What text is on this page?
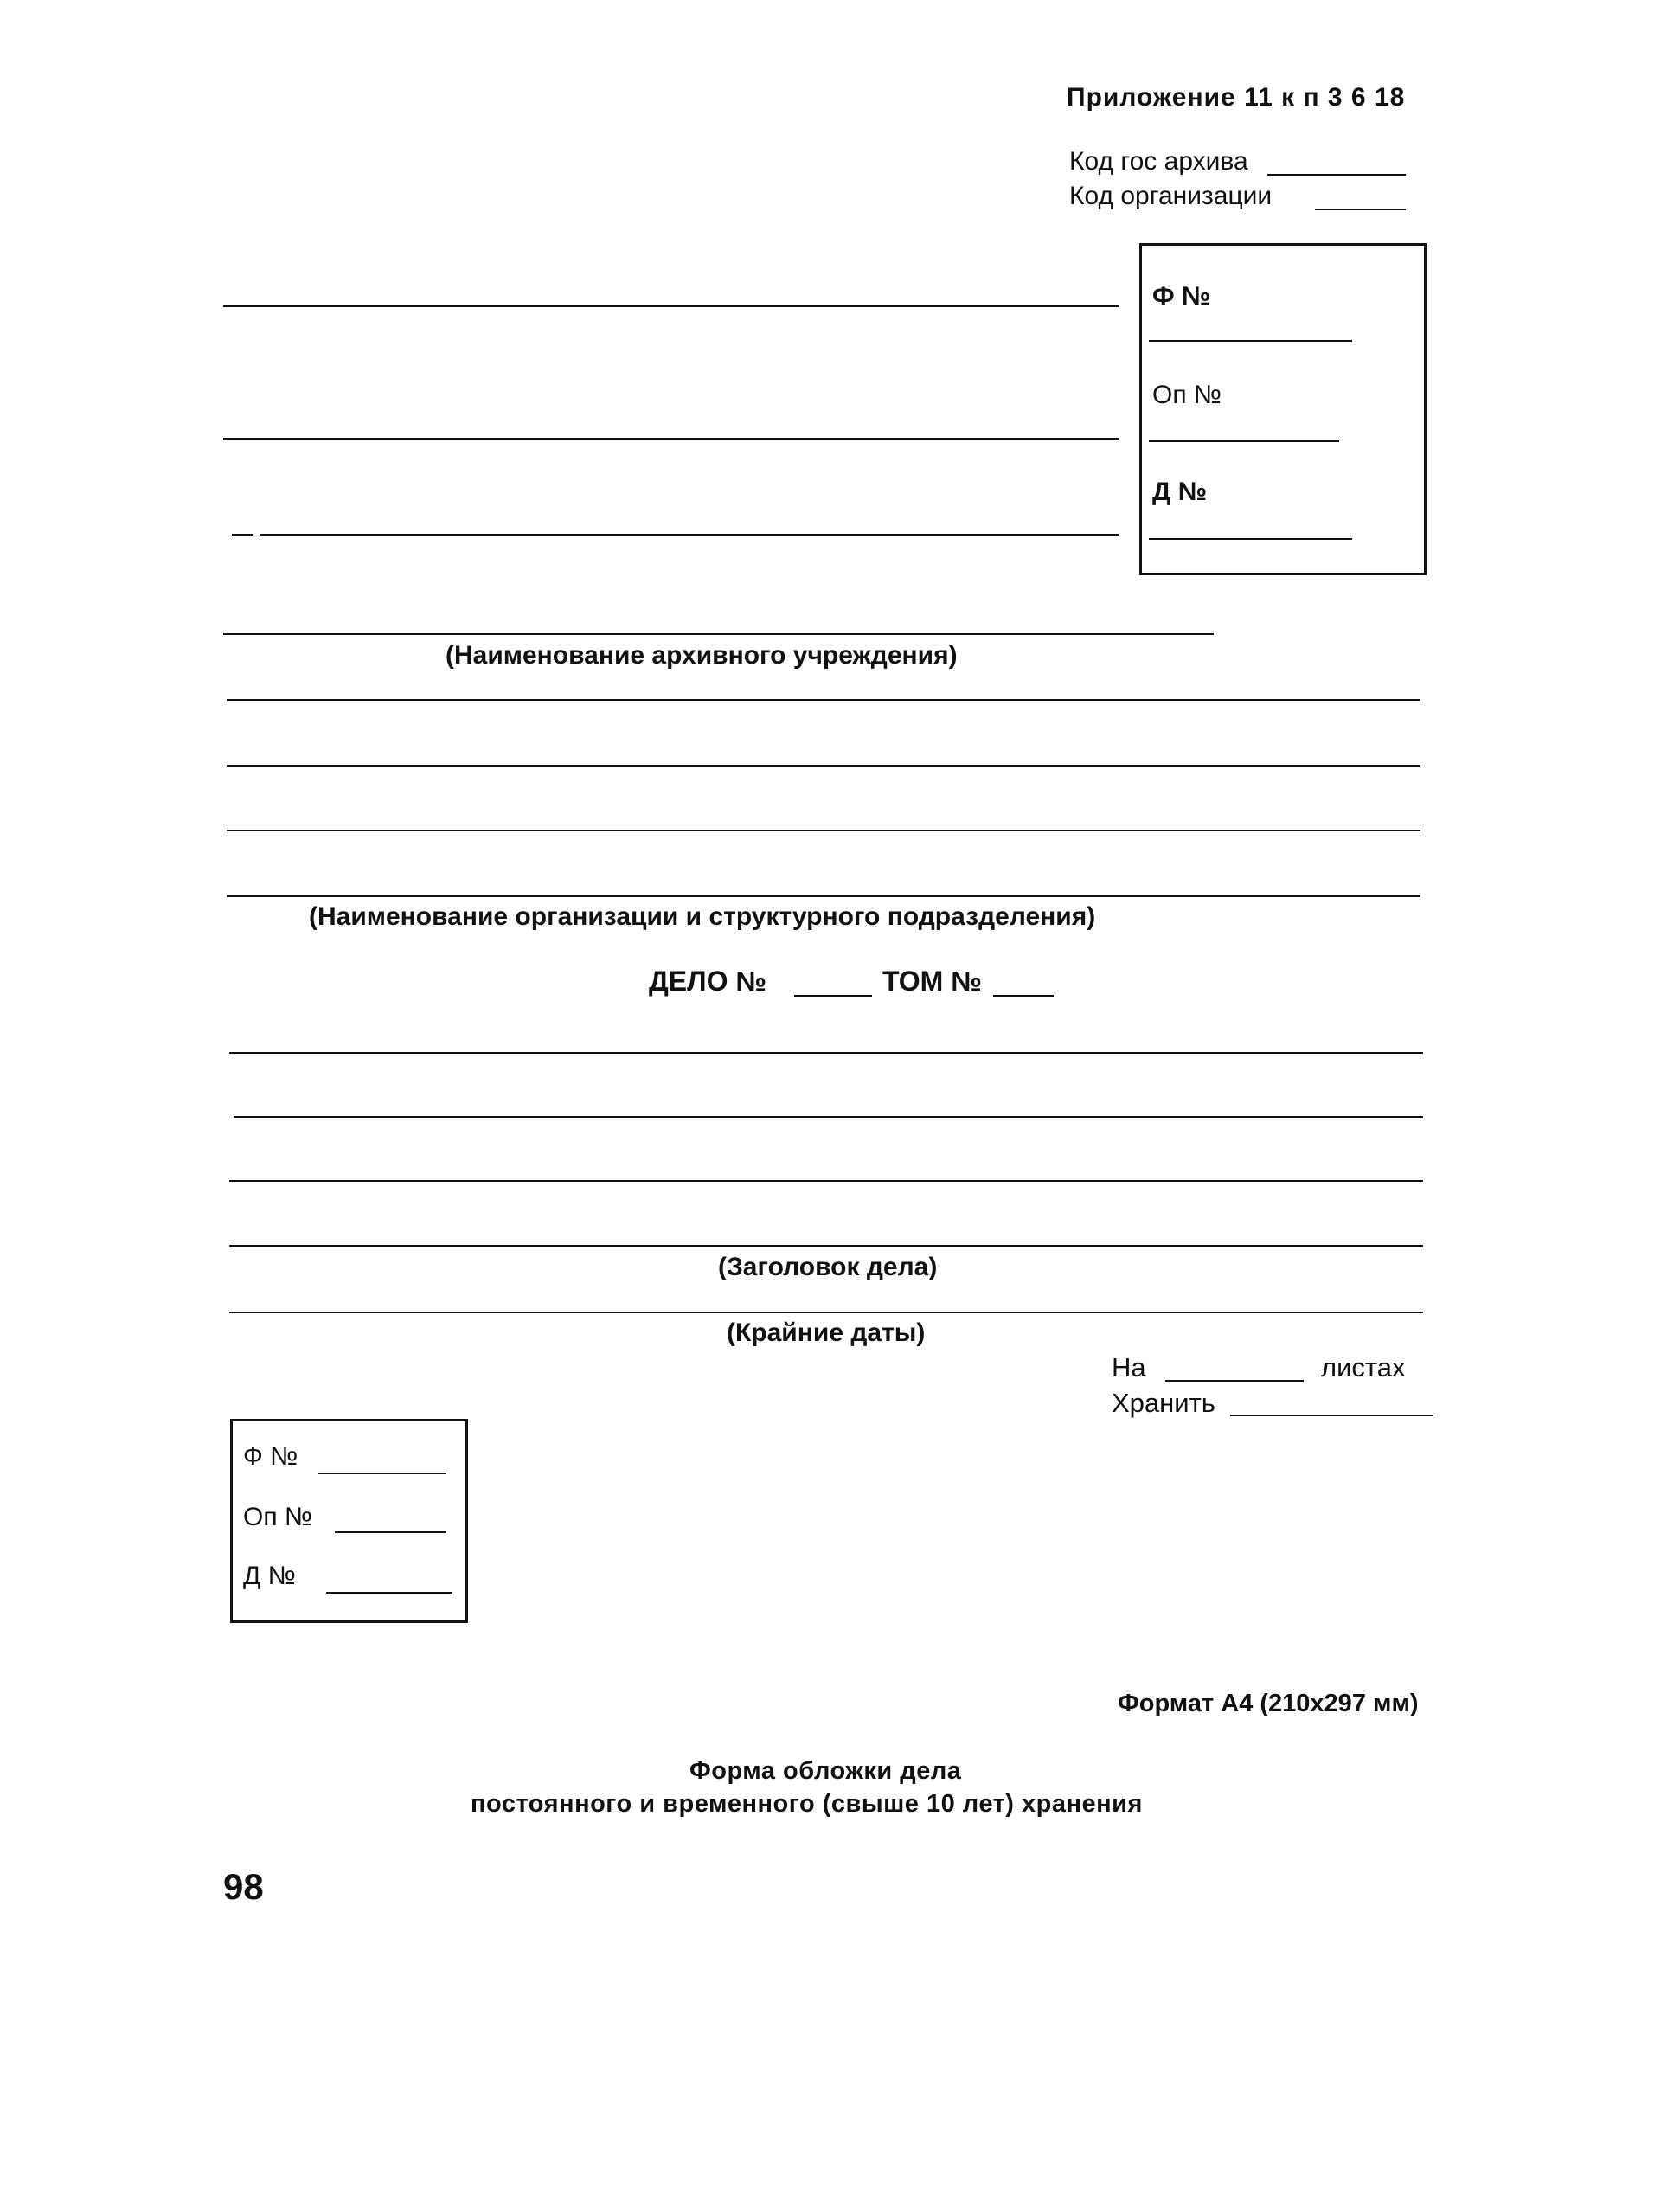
Приложение 11 к п 3 6 18
Код гос архива
Код организации
Ф №
Оп №
Д №
(Наименование архивного учреждения)
(Наименование организации и структурного подразделения)
ДЕЛО №	ТОМ №
(Заголовок дела)
(Крайние даты)
На	листах
Хранить
Ф №
Оп №
Д №
Формат А4 (210х297 мм)
Форма обложки дела
постоянного и временного (свыше 10 лет) хранения
98
